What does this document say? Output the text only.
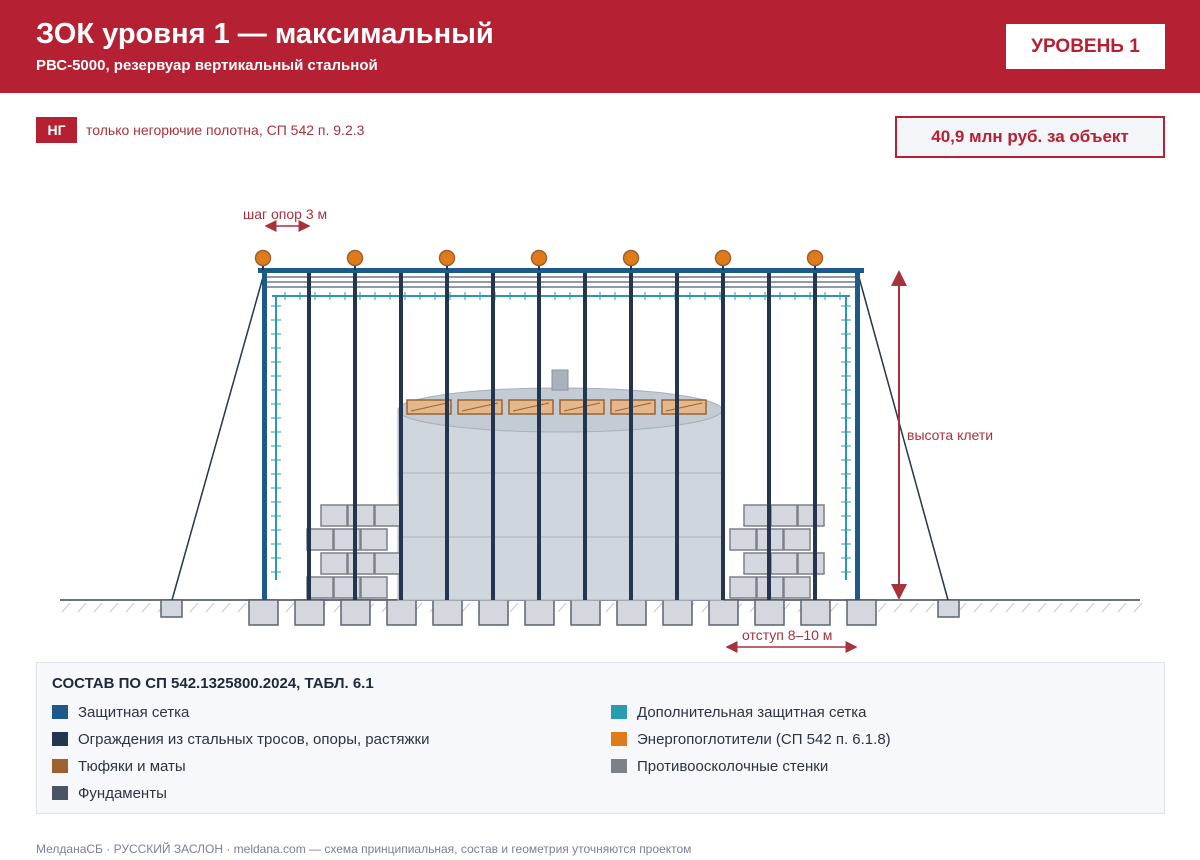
ЗОК уровня 1 — максимальный
РВС-5000, резервуар вертикальный стальной
УРОВЕНЬ 1
НГ	только негорючие полотна, СП 542 п. 9.2.3	40,9 млн руб. за объект
шаг опор 3 м
высота клети
отступ 8–10 м
СОСТАВ ПО СП 542.1325800.2024, ТАБЛ. 6.1
Защитная сетка	Дополнительная защитная сетка
Ограждения из стальных тросов, опоры, растяжки	Энергопоглотители (СП 542 п. 6.1.8)
Тюфяки и маты	Противоосколочные стенки
Фундаменты
МелданаСБ · РУССКИЙ ЗАСЛОН · meldana.com — схема принципиальная, состав и геометрия уточняются проектом
